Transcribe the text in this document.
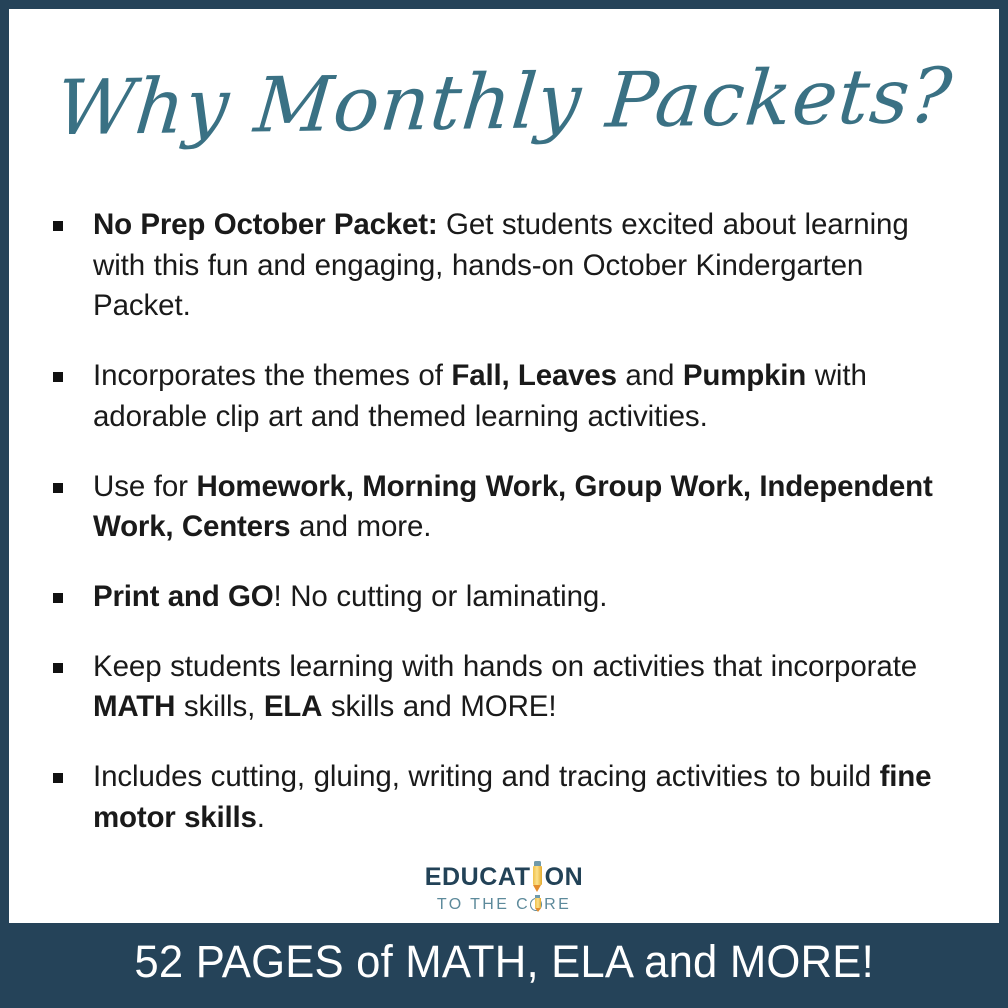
Why Monthly Packets?
No Prep October Packet: Get students excited about learning with this fun and engaging, hands-on October Kindergarten Packet.
Incorporates the themes of Fall, Leaves and Pumpkin with adorable clip art and themed learning activities.
Use for Homework, Morning Work, Group Work, Independent Work, Centers and more.
Print and GO! No cutting or laminating.
Keep students learning with hands on activities that incorporate MATH skills, ELA skills and MORE!
Includes cutting, gluing, writing and tracing activities to build fine motor skills.
EDUCAT ON
TO THE C RE
52 PAGES of MATH, ELA and MORE!
